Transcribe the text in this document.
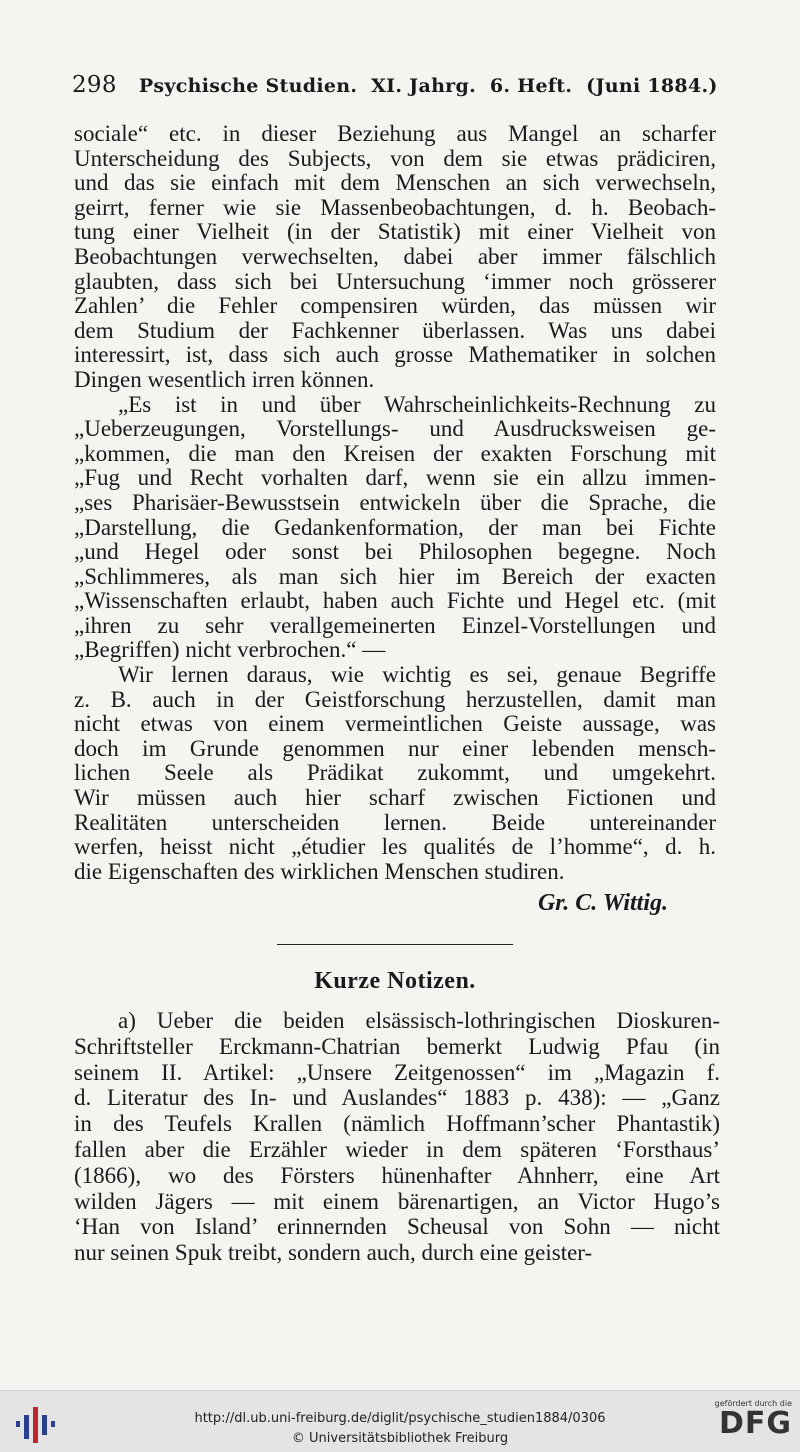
298 Psychische Studien.
XI. Jahrg.
6. Heft.
(Juni 1884.)
sociale“ etc. in dieser Beziehung aus Mangel an scharfer
Unterscheidung des Subjects, von dem sie etwas prädiciren,
und das sie einfach mit dem Menschen an sich verwechseln,
geirrt, ferner wie sie Massenbeobachtungen, d. h. Beobach-
tung einer Vielheit (in der Statistik) mit einer Vielheit von
Beobachtungen verwechselten, dabei aber immer fälschlich
glaubten, dass sich bei Untersuchung ‘immer noch grösserer
Zahlen’ die Fehler compensiren würden, das müssen wir
dem Studium der Fachkenner überlassen. Was uns dabei
interessirt, ist, dass sich auch grosse Mathematiker in solchen
Dingen wesentlich irren können.
„Es ist in und über Wahrscheinlichkeits-Rechnung zu
„Ueberzeugungen, Vorstellungs- und Ausdrucksweisen ge-
„kommen, die man den Kreisen der exakten Forschung mit
„Fug und Recht vorhalten darf, wenn sie ein allzu immen-
„ses Pharisäer-Bewusstsein entwickeln über die Sprache, die
„Darstellung, die Gedankenformation, der man bei Fichte
„und Hegel oder sonst bei Philosophen begegne. Noch
„Schlimmeres, als man sich hier im Bereich der exacten
„Wissenschaften erlaubt, haben auch Fichte und Hegel etc. (mit
„ihren zu sehr verallgemeinerten Einzel-Vorstellungen und
„Begriffen) nicht verbrochen.“ —
Wir lernen daraus, wie wichtig es sei, genaue Begriffe
z. B. auch in der Geistforschung herzustellen, damit man
nicht etwas von einem vermeintlichen Geiste aussage, was
doch im Grunde genommen nur einer lebenden mensch-
lichen Seele als Prädikat zukommt, und umgekehrt.
Wir müssen auch hier scharf zwischen Fictionen und
Realitäten unterscheiden lernen. Beide untereinander
werfen, heisst nicht „étudier les qualités de l’homme“, d. h.
die Eigenschaften des wirklichen Menschen studiren.
Gr. C. Wittig.
Kurze Notizen.
a) Ueber die beiden elsässisch-lothringischen Dioskuren-
Schriftsteller Erckmann-Chatrian bemerkt Ludwig Pfau (in
seinem II. Artikel: „Unsere Zeitgenossen“ im „Magazin f.
d. Literatur des In- und Auslandes“ 1883 p. 438): — „Ganz
in des Teufels Krallen (nämlich Hoffmann’scher Phantastik)
fallen aber die Erzähler wieder in dem späteren ‘Forsthaus’
(1866), wo des Försters hünenhafter Ahnherr, eine Art
wilden Jägers — mit einem bärenartigen, an Victor Hugo’s
‘Han von Island’ erinnernden Scheusal von Sohn — nicht
nur seinen Spuk treibt, sondern auch, durch eine geister-
http://dl.ub.uni-freiburg.de/diglit/psychische_studien1884/0306
© Universitätsbibliothek Freiburg
gefördert durch die
DFG
